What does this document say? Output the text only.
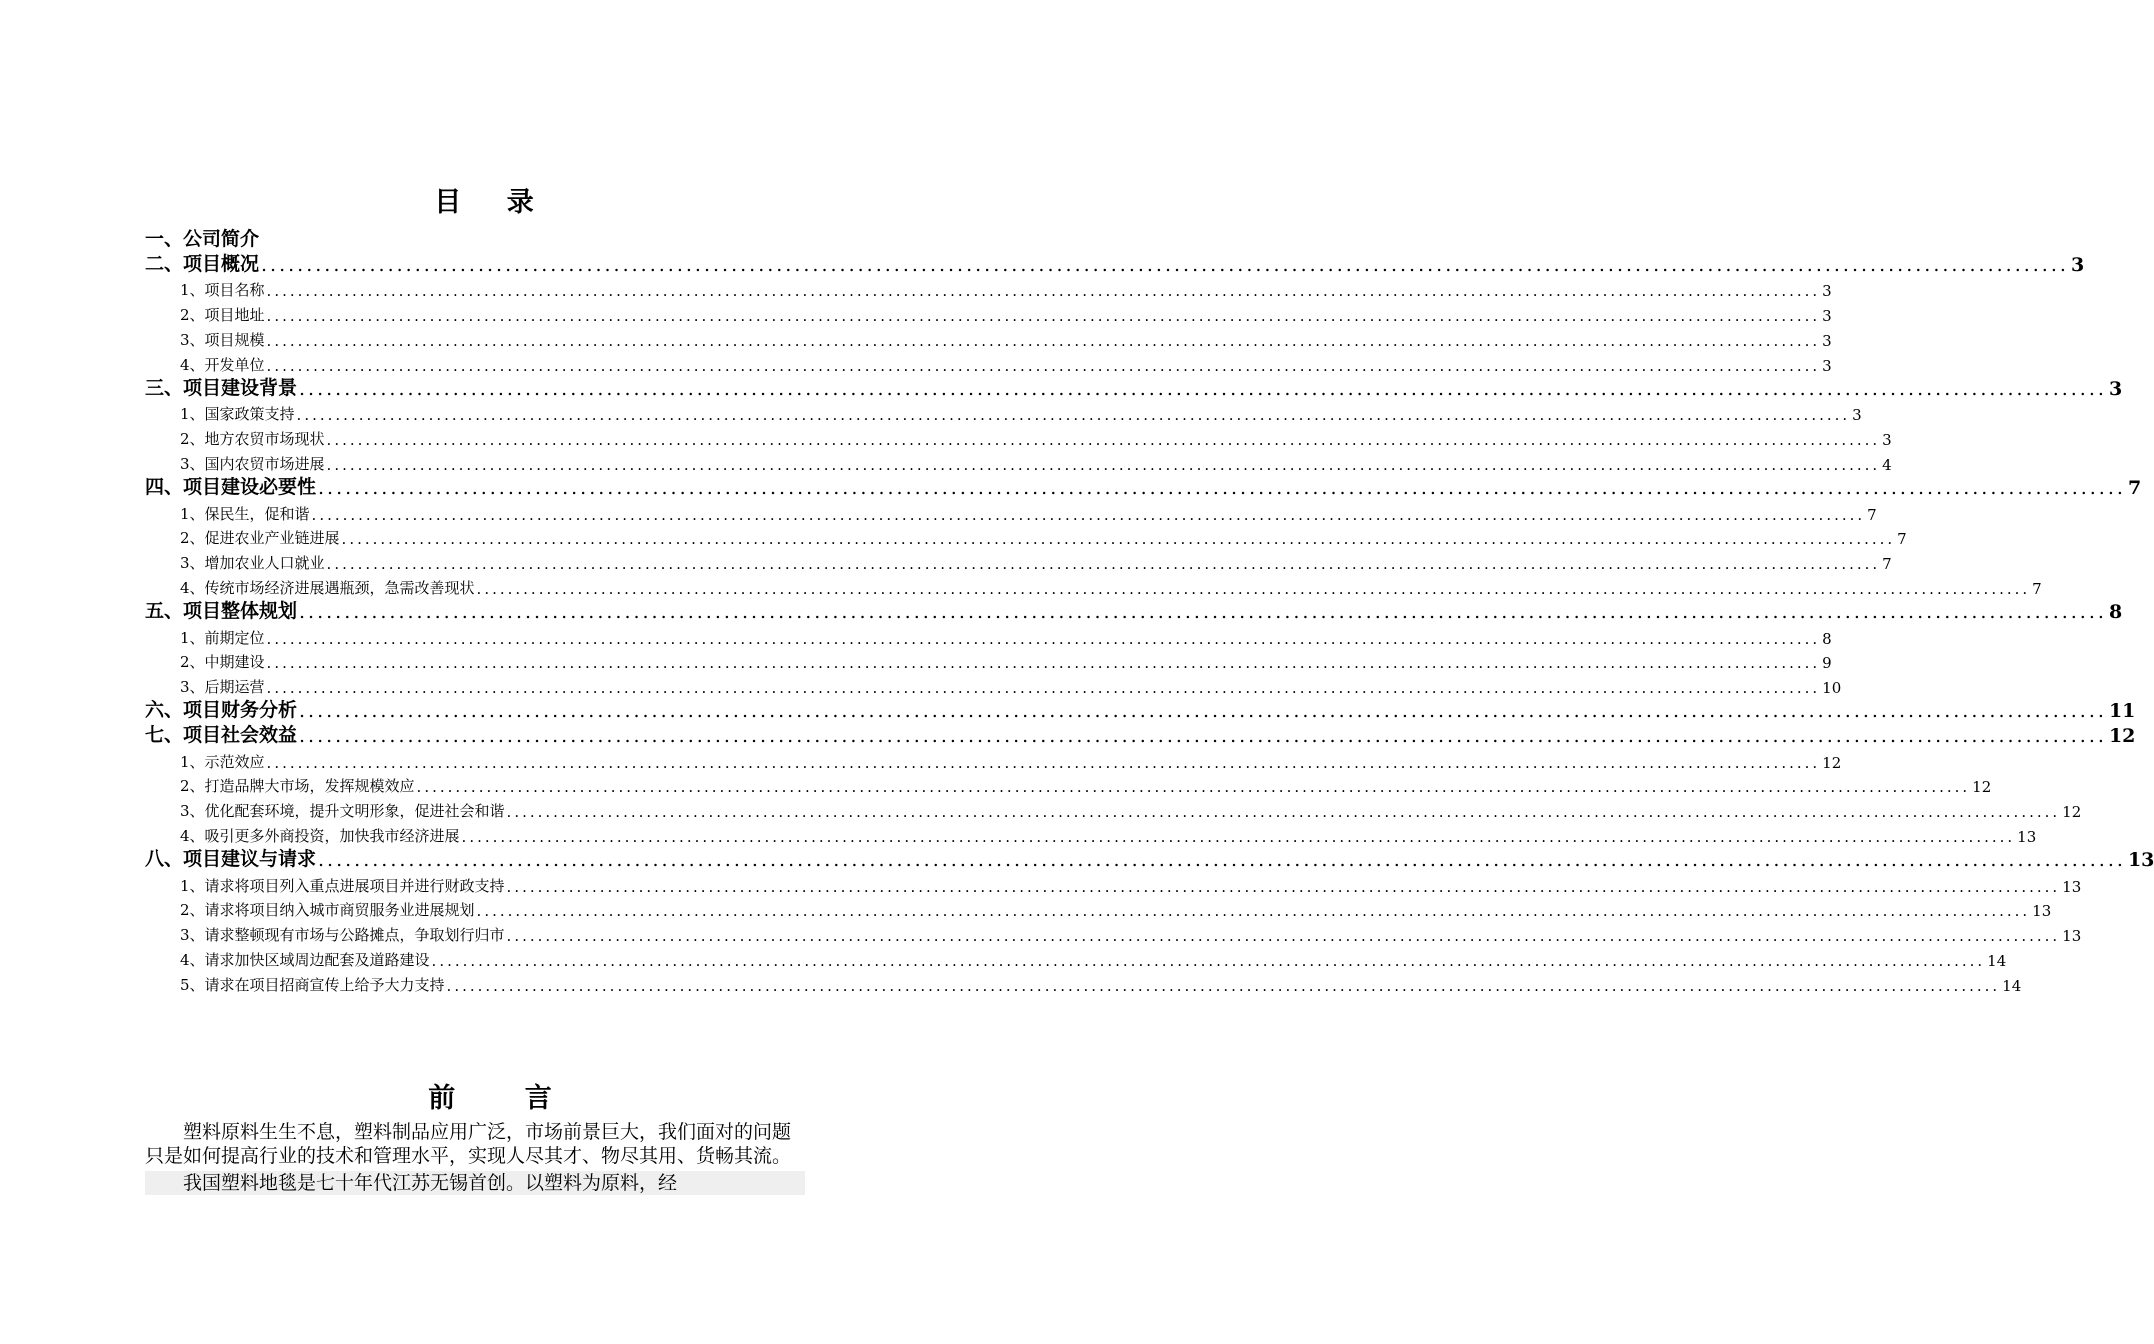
目 录
一、公司简介
二、项目概况 ........................................................................................................................................................................................................ 3
1、项目名称 ........................................................................................................................................................................................................ 3
2、项目地址 ........................................................................................................................................................................................................ 3
3、项目规模 ........................................................................................................................................................................................................ 3
4、开发单位 ........................................................................................................................................................................................................ 3
三、项目建设背景 ........................................................................................................................................................................................................ 3
1、国家政策支持 ........................................................................................................................................................................................................ 3
2、地方农贸市场现状 ........................................................................................................................................................................................................ 3
3、国内农贸市场进展 ........................................................................................................................................................................................................ 4
四、项目建设必要性 ........................................................................................................................................................................................................ 7
1、保民生，促和谐 ........................................................................................................................................................................................................ 7
2、促进农业产业链进展 ........................................................................................................................................................................................................ 7
3、增加农业人口就业 ........................................................................................................................................................................................................ 7
4、传统市场经济进展遇瓶颈，急需改善现状 ........................................................................................................................................................................................................ 7
五、项目整体规划 ........................................................................................................................................................................................................ 8
1、前期定位 ........................................................................................................................................................................................................ 8
2、中期建设 ........................................................................................................................................................................................................ 9
3、后期运营 ........................................................................................................................................................................................................ 10
六、项目财务分析 ........................................................................................................................................................................................................ 11
七、项目社会效益 ........................................................................................................................................................................................................ 12
1、示范效应 ........................................................................................................................................................................................................ 12
2、打造品牌大市场，发挥规模效应 ........................................................................................................................................................................................................ 12
3、优化配套环境，提升文明形象，促进社会和谐 ........................................................................................................................................................................................................ 12
4、吸引更多外商投资，加快我市经济进展 ........................................................................................................................................................................................................ 13
八、项目建议与请求 ........................................................................................................................................................................................................ 13
1、请求将项目列入重点进展项目并进行财政支持 ........................................................................................................................................................................................................ 13
2、请求将项目纳入城市商贸服务业进展规划 ........................................................................................................................................................................................................ 13
3、请求整顿现有市场与公路摊点，争取划行归市 ........................................................................................................................................................................................................ 13
4、请求加快区域周边配套及道路建设 ........................................................................................................................................................................................................ 14
5、请求在项目招商宣传上给予大力支持 ........................................................................................................................................................................................................ 14
前 言

塑料原料生生不息，塑料制品应用广泛，市场前景巨大，我们面对的问题只是如何提高行业的技术和管理水平，实现人尽其才、物尽其用、货畅其流。

我国塑料地毯是七十年代江苏无锡首创。以塑料为原料，经
